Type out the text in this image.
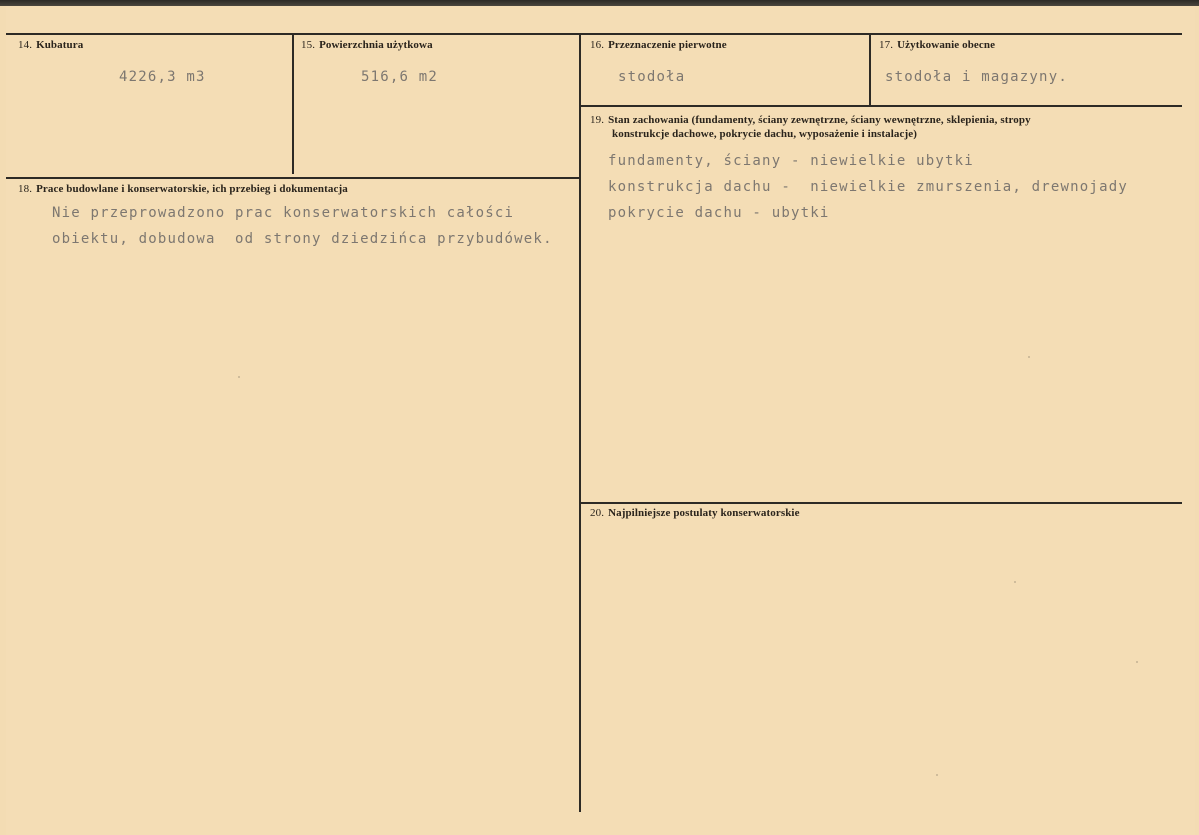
14. Kubatura
4226,3 m3
15. Powierzchnia użytkowa
516,6 m2
16. Przeznaczenie pierwotne
stodoła
17. Użytkowanie obecne
stodoła i magazyny.
18. Prace budowlane i konserwatorskie, ich przebieg i dokumentacja
Nie przeprowadzono prac konserwatorskich całości
obiektu, dobudowa  od strony dziedzińca przybudówek.
19. Stan zachowania (fundamenty, ściany zewnętrzne, ściany wewnętrzne, sklepienia, stropy
konstrukcje dachowe, pokrycie dachu, wyposażenie i instalacje)
fundamenty, ściany - niewielkie ubytki
konstrukcja dachu -  niewielkie zmurszenia, drewnojady
pokrycie dachu - ubytki
20. Najpilniejsze postulaty konserwatorskie
